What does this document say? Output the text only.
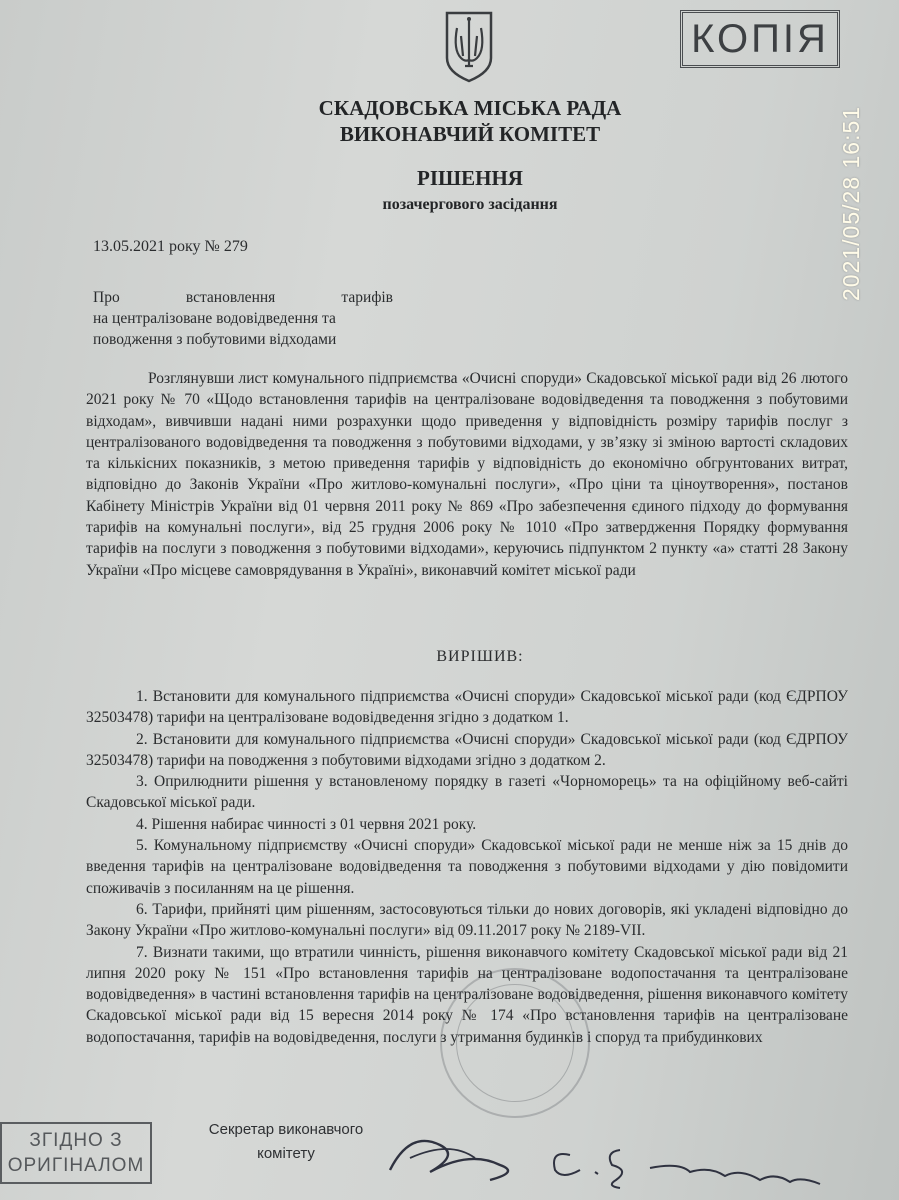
КОПІЯ
2021/05/28 16:51
СКАДОВСЬКА МІСЬКА РАДА
ВИКОНАВЧИЙ КОМІТЕТ
РІШЕННЯ
позачергового засідання
13.05.2021 року № 279
Про встановлення тарифів
на централізоване водовідведення та
поводження з побутовими відходами

Розглянувши лист комунального підприємства «Очисні споруди» Скадовської міської ради від 26 лютого 2021 року № 70 «Щодо встановлення тарифів на централізоване водовідведення та поводження з побутовими відходам», вивчивши надані ними розрахунки щодо приведення у відповідність розміру тарифів послуг з централізованого водовідведення та поводження з побутовими відходами, у зв’язку зі зміною вартості складових та кількісних показників, з метою приведення тарифів у відповідність до економічно обгрунтованих витрат, відповідно до Законів України «Про житлово-комунальні послуги», «Про ціни та ціноутворення», постанов Кабінету Міністрів України від 01 червня 2011 року № 869 «Про забезпечення єдиного підходу до формування тарифів на комунальні послуги», від 25 грудня 2006 року № 1010 «Про затвердження Порядку формування тарифів на послуги з поводження з побутовими відходами», керуючись підпунктом 2 пункту «а» статті 28 Закону України «Про місцеве самоврядування в Україні», виконавчий комітет міської ради

ВИРІШИВ:

1. Встановити для комунального підприємства «Очисні споруди» Скадовської міської ради (код ЄДРПОУ 32503478) тарифи на централізоване водовідведення згідно з додатком 1.

2. Встановити для комунального підприємства «Очисні споруди» Скадовської міської ради (код ЄДРПОУ 32503478) тарифи на поводження з побутовими відходами згідно з додатком 2.

3. Оприлюднити рішення у встановленому порядку в газеті «Чорноморець» та на офіційному веб-сайті Скадовської міської ради.

4. Рішення набирає чинності з 01 червня 2021 року.

5. Комунальному підприємству «Очисні споруди» Скадовської міської ради не менше ніж за 15 днів до введення тарифів на централізоване водовідведення та поводження з побутовими відходами у дію повідомити споживачів з посиланням на це рішення.

6. Тарифи, прийняті цим рішенням, застосовуються тільки до нових договорів, які укладені відповідно до Закону України «Про житлово-комунальні послуги» від 09.11.2017 року № 2189-VII.

7. Визнати такими, що втратили чинність, рішення виконавчого комітету Скадовської міської ради від 21 липня 2020 року № 151 «Про встановлення тарифів на централізоване водопостачання та централізоване водовідведення» в частині встановлення тарифів на централізоване водовідведення, рішення виконавчого комітету Скадовської міської ради від 15 вересня 2014 року № 174 «Про встановлення тарифів на централізоване водопостачання, тарифів на водовідведення, послуги з утримання будинків і споруд та прибудинкових

ЗГІДНО З
ОРИГІНАЛОМ
Секретар виконавчого
комітету
